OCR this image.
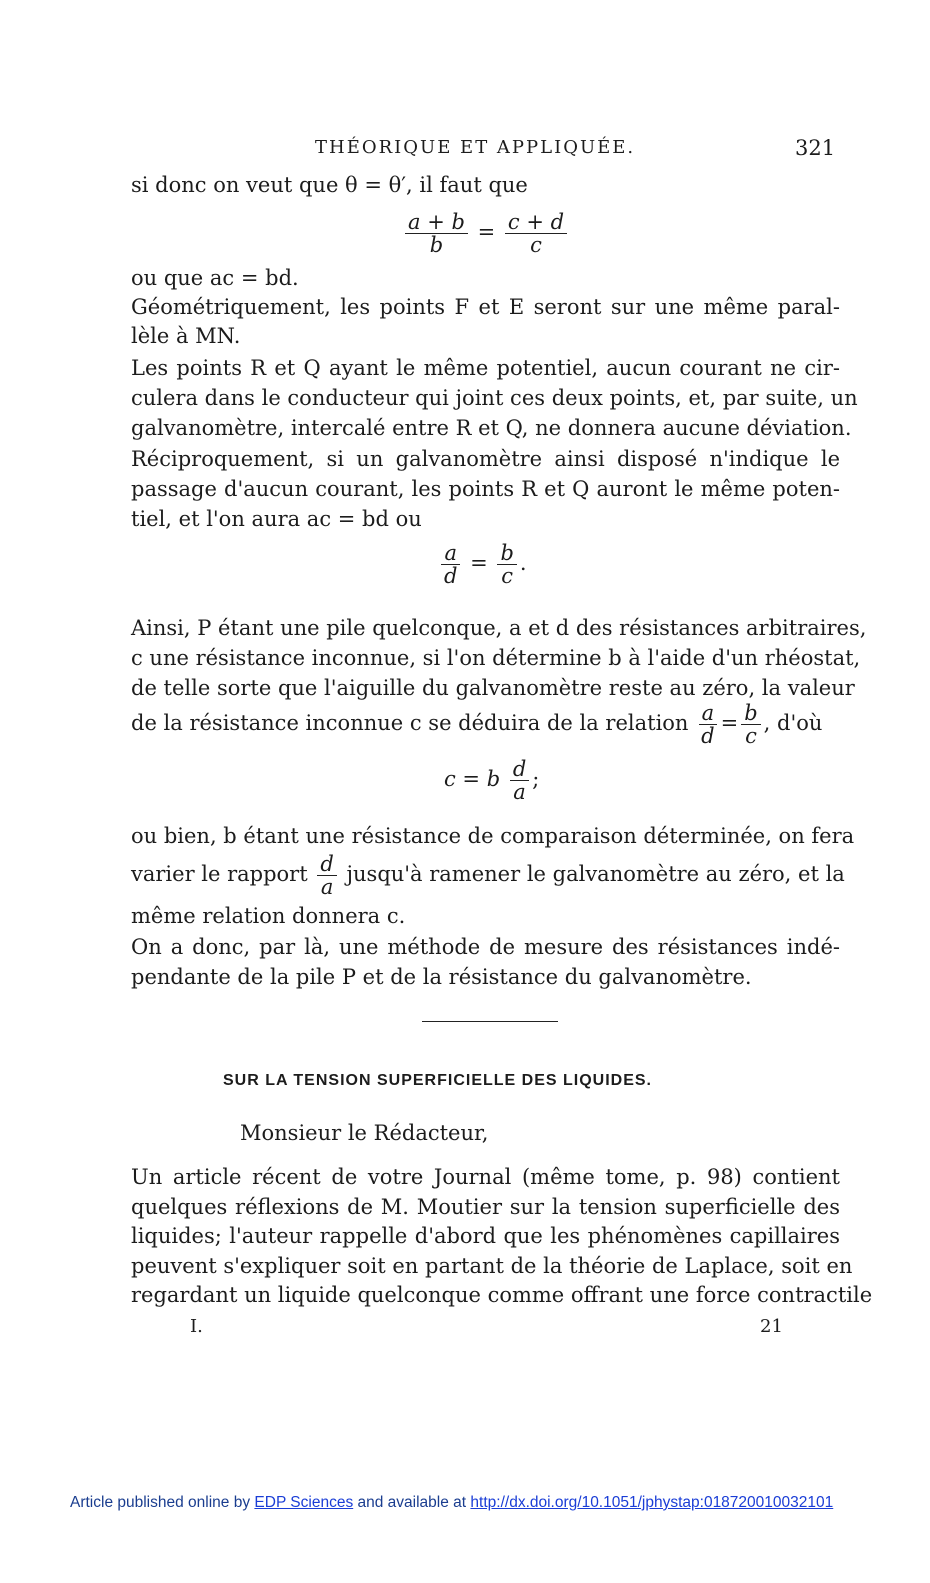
THÉORIQUE ET APPLIQUÉE.	321
si donc on veut que θ = θ′, il faut que
$\frac{a + b}{b} = \frac{c + d}{c}$
ou que ac = bd.
Géométriquement, les points F et E seront sur une même paral-
lèle à MN.
Les points R et Q ayant le même potentiel, aucun courant ne cir-
culera dans le conducteur qui joint ces deux points, et, par suite, un
galvanomètre, intercalé entre R et Q, ne donnera aucune déviation.
Réciproquement, si un galvanomètre ainsi disposé n'indique le
passage d'aucun courant, les points R et Q auront le même poten-
tiel, et l'on aura ac = bd ou
$\frac{a}{d} = \frac{b}{c}$ .
Ainsi, P étant une pile quelconque, a et d des résistances arbitraires,
c une résistance inconnue, si l'on détermine b à l'aide d'un rhéostat,
de telle sorte que l'aiguille du galvanomètre reste au zéro, la valeur
de la résistance inconnue c se déduira de la relation $\frac{a}{d} = \frac{b}{c}$ , d'où
c = b $\frac{d}{a}$ ;
ou bien, b étant une résistance de comparaison déterminée, on fera
varier le rapport $\frac{d}{a}$ jusqu'à ramener le galvanomètre au zéro, et la
même relation donnera c.
On a donc, par là, une méthode de mesure des résistances indé-
pendante de la pile P et de la résistance du galvanomètre.
SUR LA TENSION SUPERFICIELLE DES LIQUIDES.
Monsieur le Rédacteur,
Un article récent de votre Journal (même tome, p. 98) contient
quelques réflexions de M. Moutier sur la tension superficielle des
liquides; l'auteur rappelle d'abord que les phénomènes capillaires
peuvent s'expliquer soit en partant de la théorie de Laplace, soit en
regardant un liquide quelconque comme offrant une force contractile
I.	21
Article published online by EDP Sciences and available at http://dx.doi.org/10.1051/jphystap:018720010032101
